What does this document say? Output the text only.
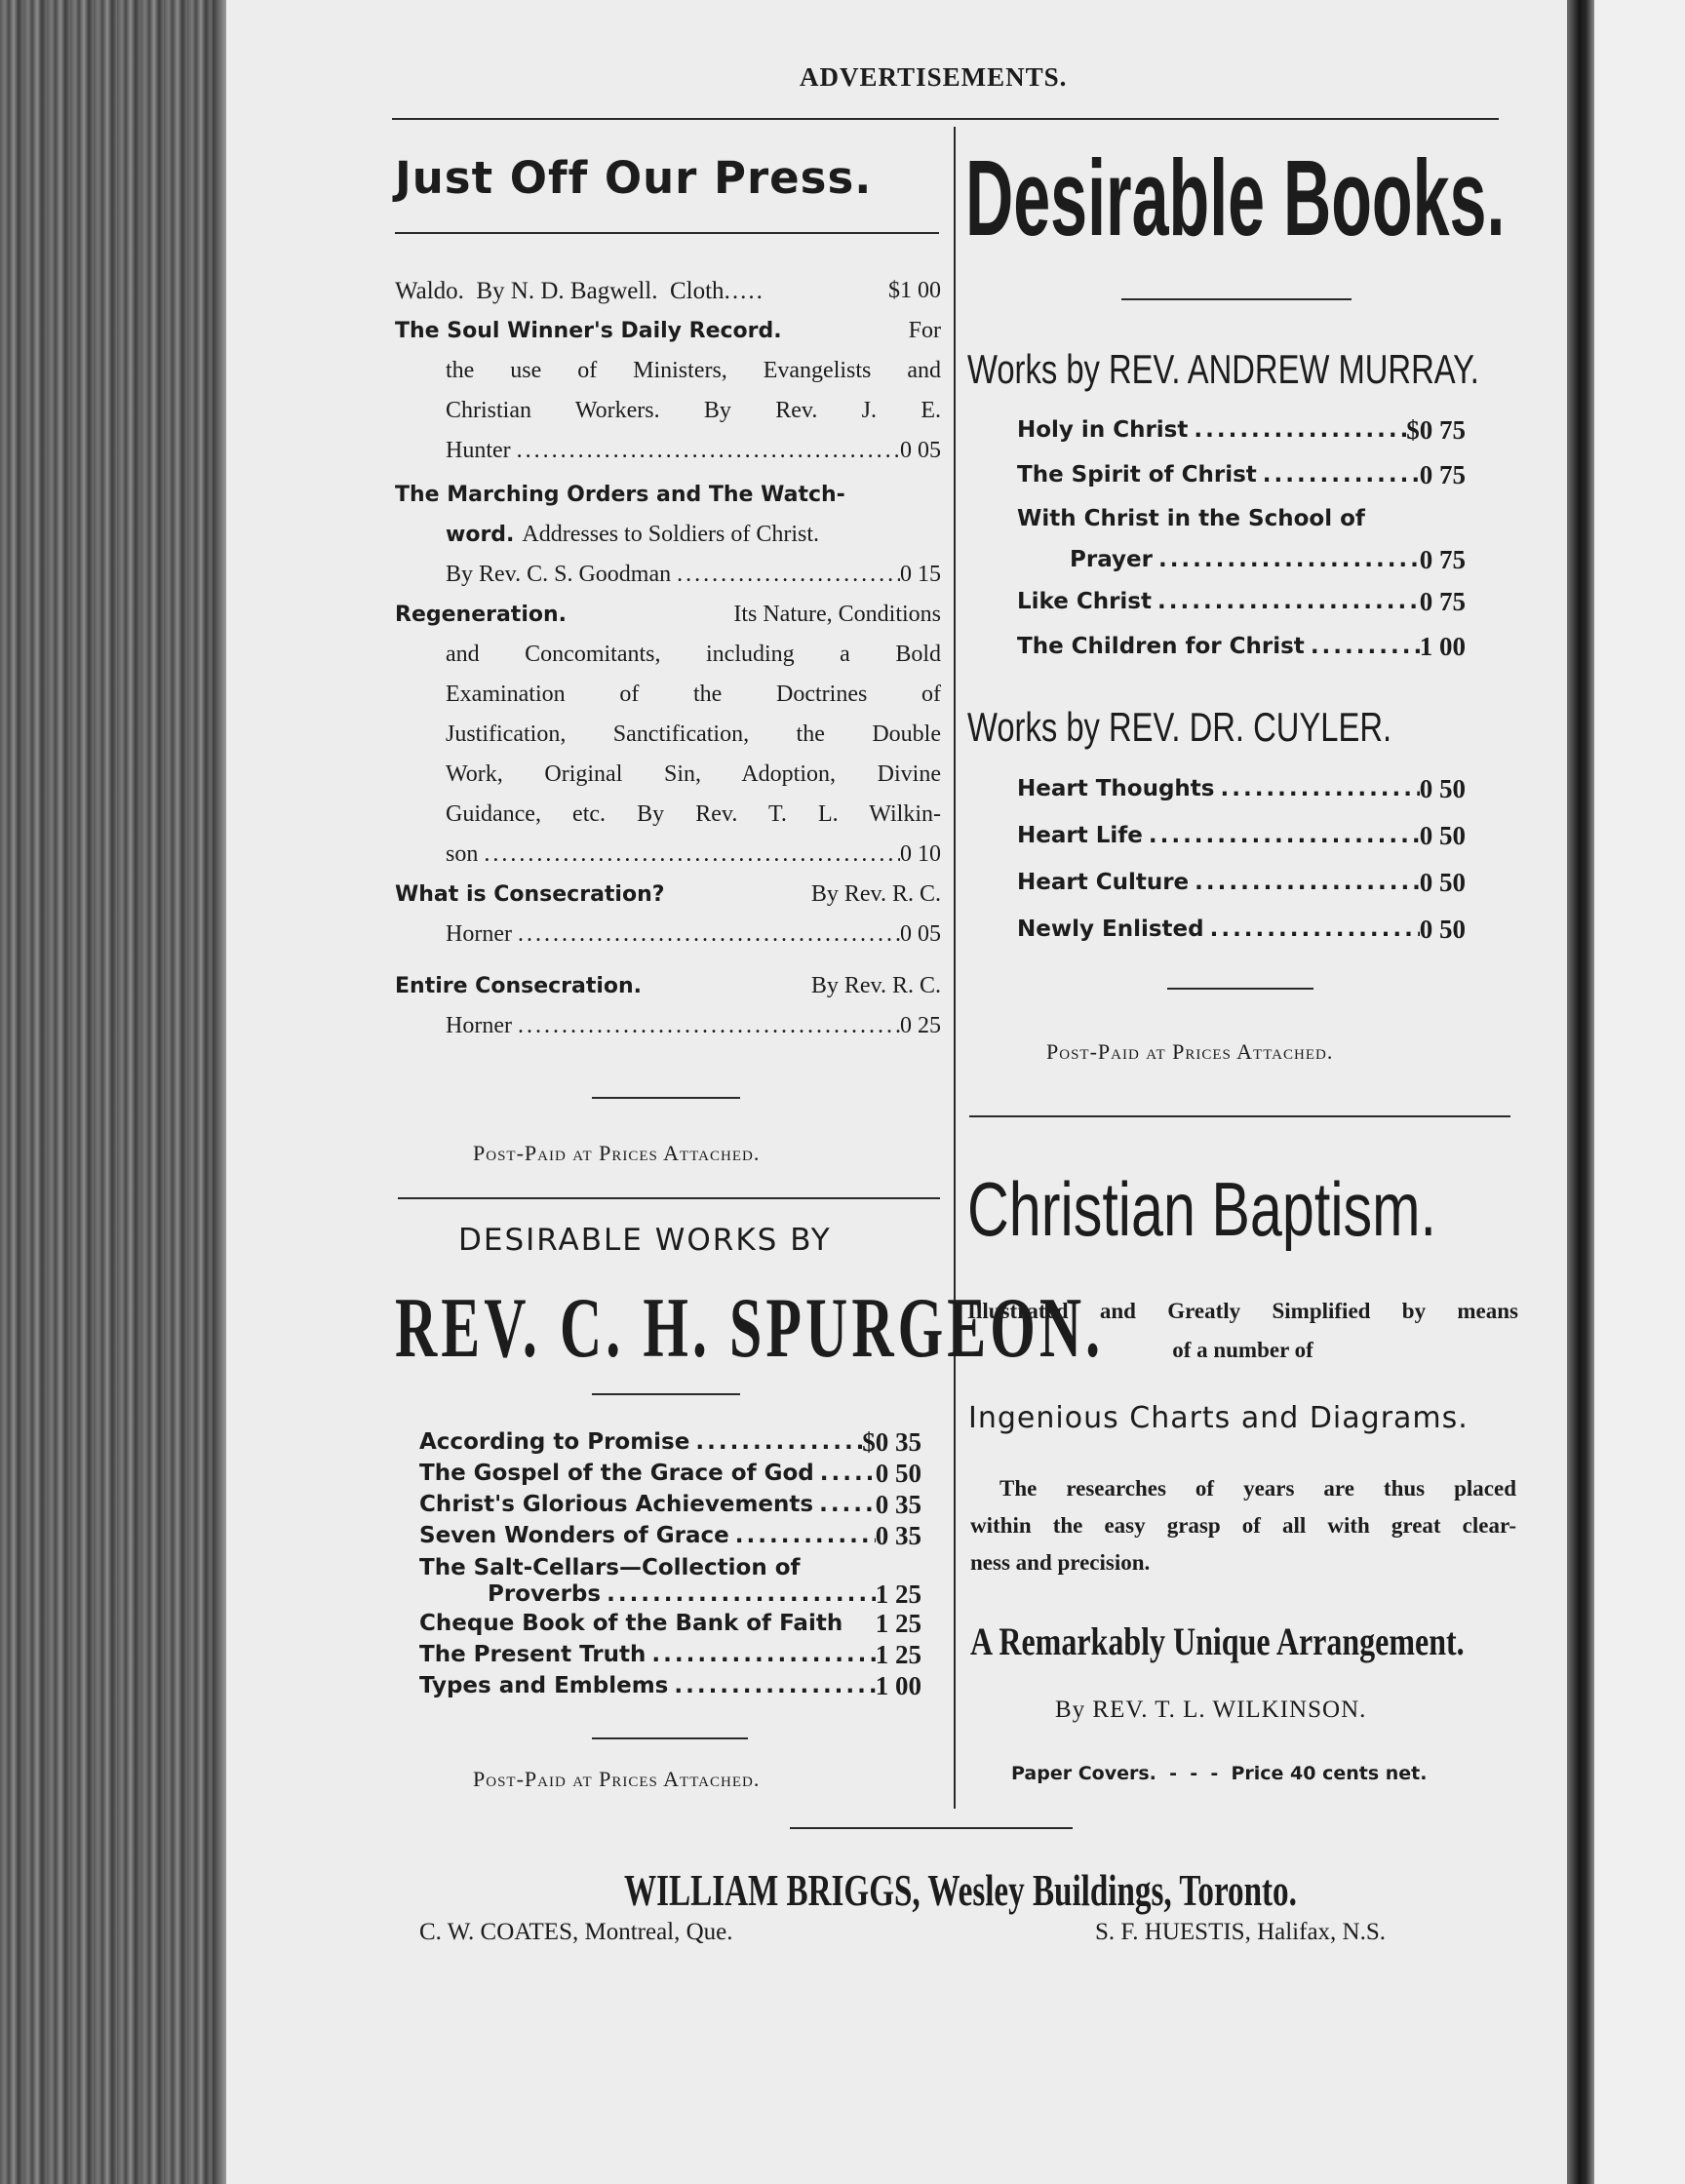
ADVERTISEMENTS.
Just Off Our Press.
Waldo.  By N. D. Bagwell.  Cloth.....	$1 00
The Soul Winner's Daily Record.	For
the use of Ministers, Evangelists and
Christian Workers. By Rev. J. E.
Hunter .....	0 05
The Marching Orders and The Watch-
word. Addresses to Soldiers of Christ.
By Rev. C. S. Goodman .....	0 15
Regeneration.	Its Nature, Conditions
and Concomitants, including a Bold
Examination of the Doctrines of
Justification, Sanctification, the Double
Work, Original Sin, Adoption, Divine
Guidance, etc. By Rev. T. L. Wilkin-
son .....	0 10
What is Consecration?	By Rev. R. C.
Horner .....	0 05
Entire Consecration.	By Rev. R. C.
Horner .....	0 25
Post-Paid at Prices Attached.
DESIRABLE WORKS BY
REV. C. H. SPURGEON.
According to Promise .....	$0 35
The Gospel of the Grace of God ..... 0 50
Christ's Glorious Achievements ..... 0 35
Seven Wonders of Grace .....	0 35
The Salt-Cellars—Collection of
Proverbs .....	1 25
Cheque Book of the Bank of Faith 1 25
The Present Truth .....	1 25
Types and Emblems .....	1 00
Post-Paid at Prices Attached.
Desirable Books.
Works by REV. ANDREW MURRAY.
Holy in Christ .....	$0 75
The Spirit of Christ .....	0 75
With Christ in the School of
Prayer .....	0 75
Like Christ .....	0 75
The Children for Christ .....	1 00
Works by REV. DR. CUYLER.
Heart Thoughts .....	0 50
Heart Life .....	0 50
Heart Culture .....	0 50
Newly Enlisted .....	0 50
Post-Paid at Prices Attached.
Christian Baptism.
Illustrated and Greatly Simplified by means
of a number of
Ingenious Charts and Diagrams.
The researches of years are thus placed
within the easy grasp of all with great clear-
ness and precision.
A Remarkably Unique Arrangement.
By REV. T. L. WILKINSON.
Paper Covers.  -  -  -  Price 40 cents net.
WILLIAM BRIGGS, Wesley Buildings, Toronto.
C. W. COATES, Montreal, Que.	S. F. HUESTIS, Halifax, N.S.
